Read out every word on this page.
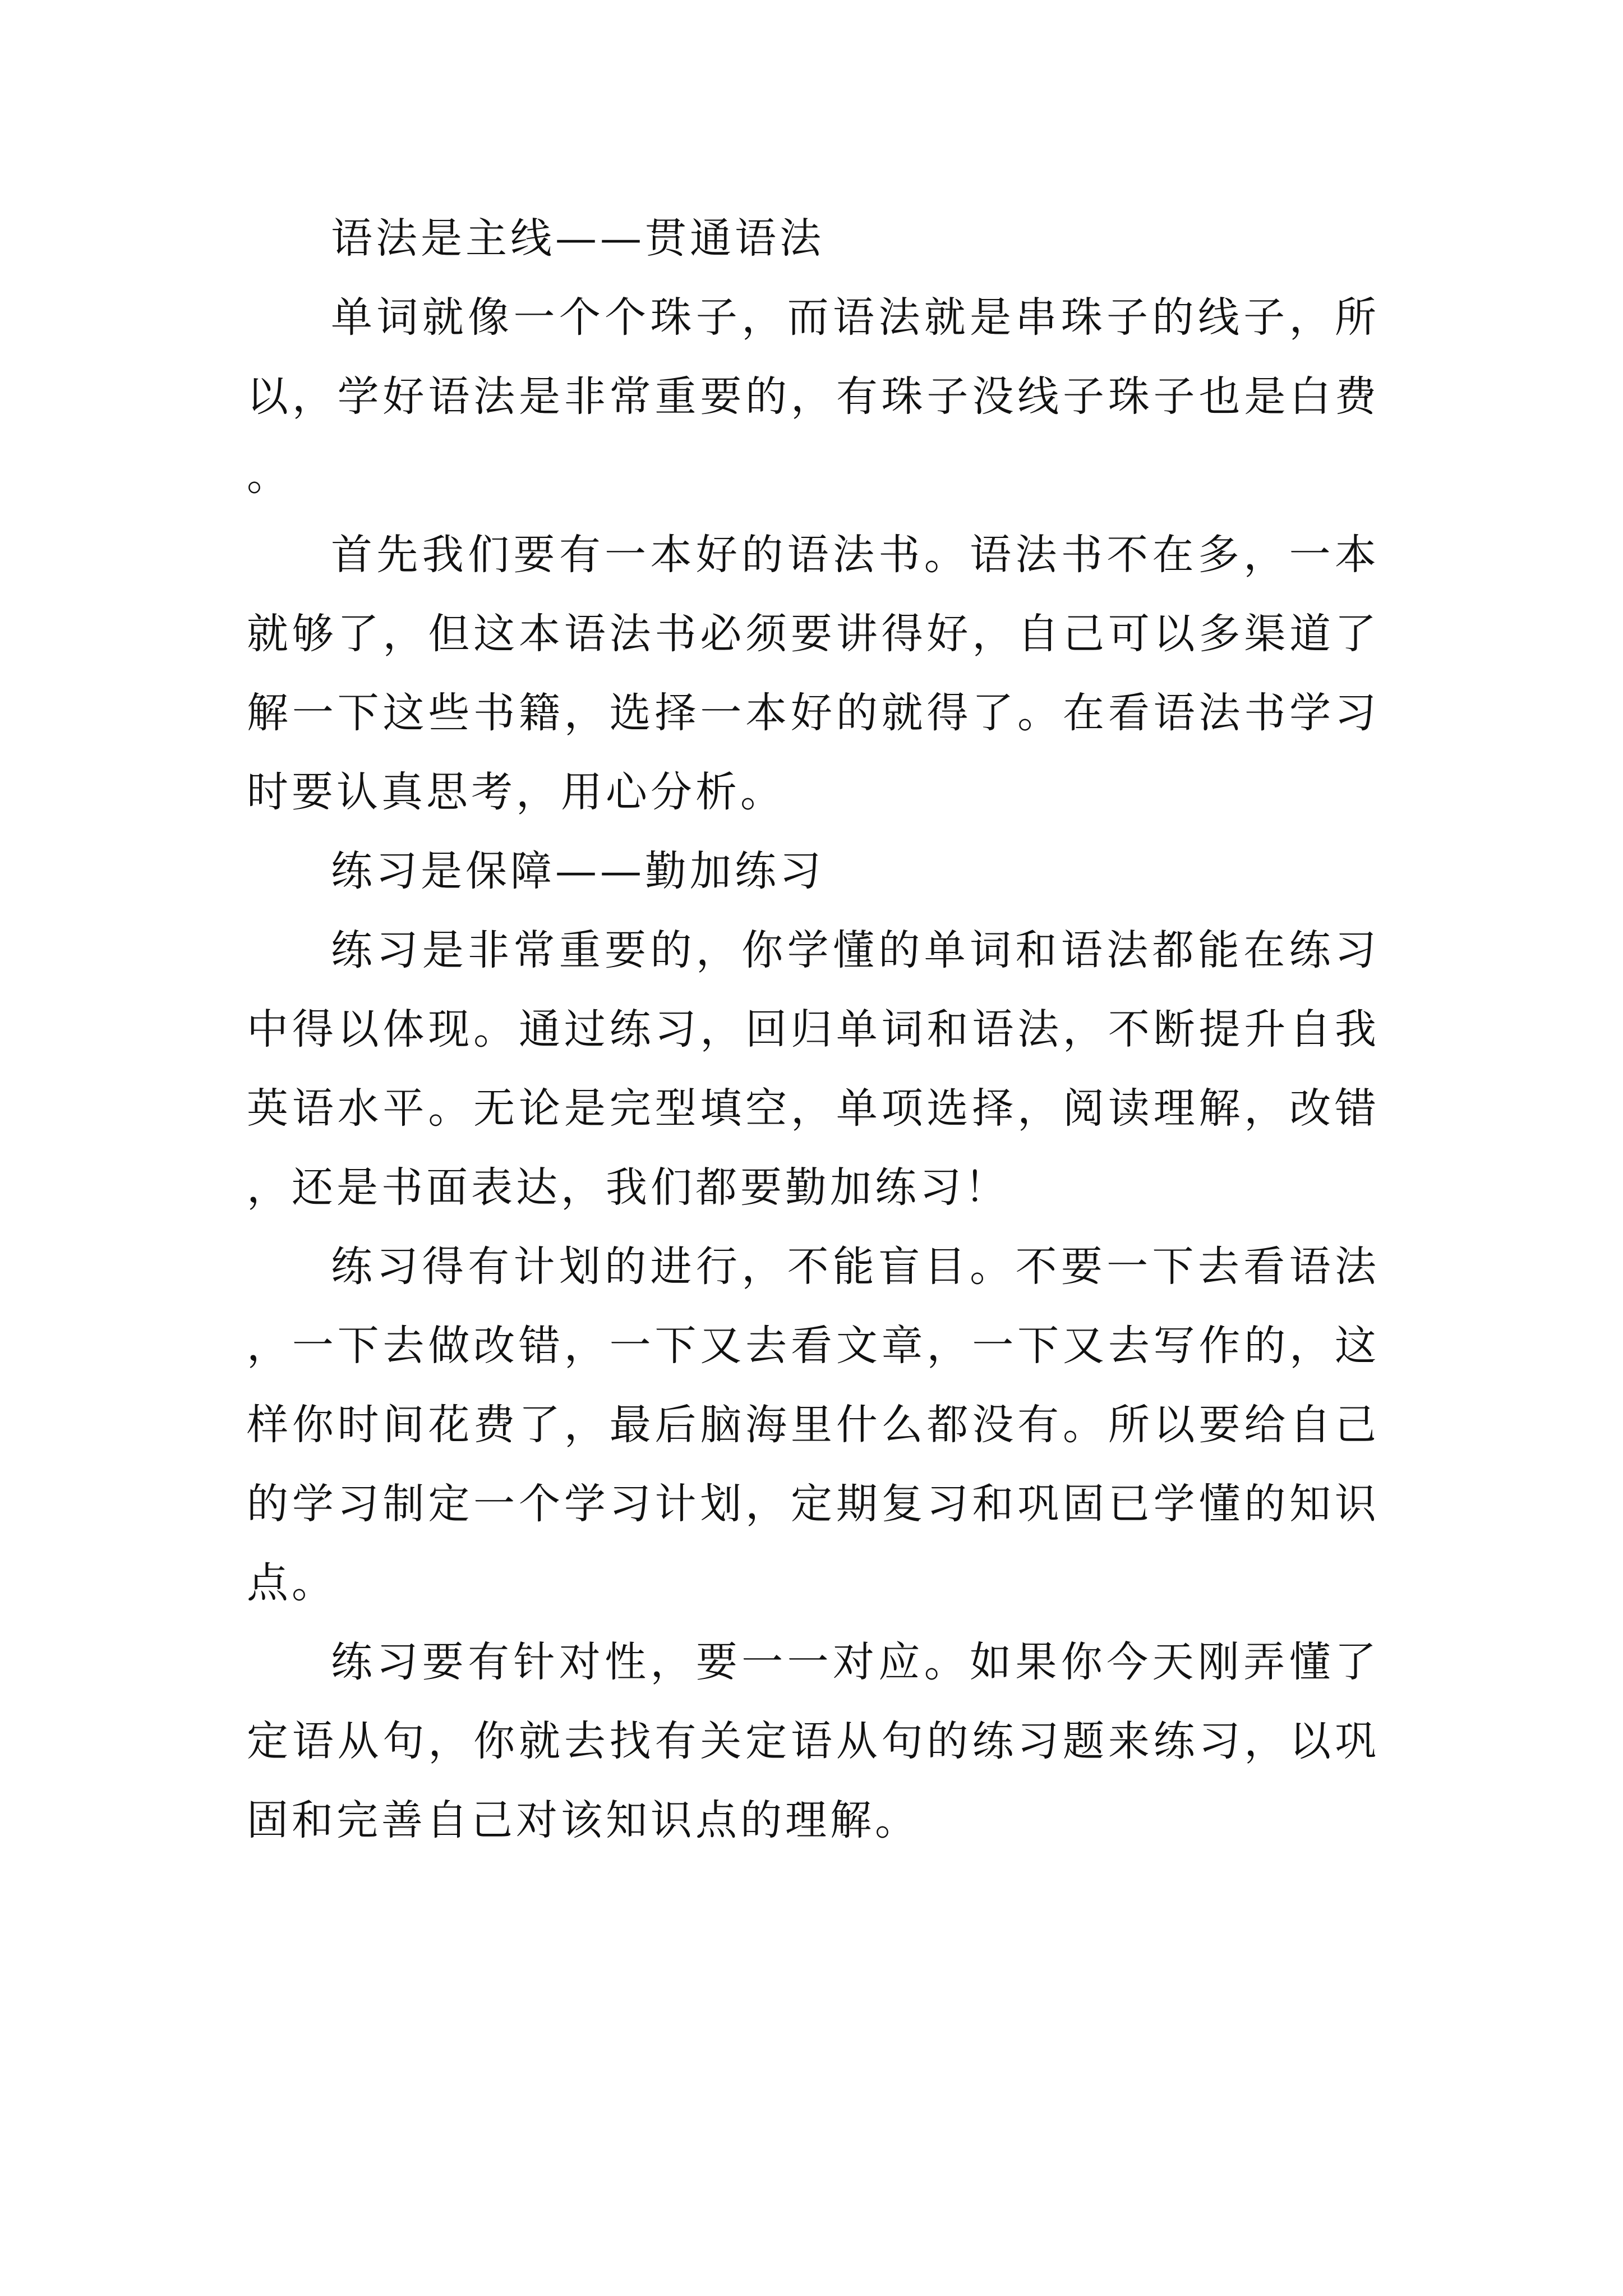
语法是主线——贯通语法

单词就像一个个珠子，而语法就是串珠子的线子，所以，学好语法是非常重要的，有珠子没线子珠子也是白费。

首先我们要有一本好的语法书。语法书不在多，一本就够了，但这本语法书必须要讲得好，自己可以多渠道了解一下这些书籍，选择一本好的就得了。在看语法书学习时要认真思考，用心分析。

练习是保障——勤加练习

练习是非常重要的，你学懂的单词和语法都能在练习中得以体现。通过练习，回归单词和语法，不断提升自我英语水平。无论是完型填空，单项选择，阅读理解，改错，还是书面表达，我们都要勤加练习！

练习得有计划的进行，不能盲目。不要一下去看语法，一下去做改错，一下又去看文章，一下又去写作的，这样你时间花费了，最后脑海里什么都没有。所以要给自己的学习制定一个学习计划，定期复习和巩固已学懂的知识点。

练习要有针对性，要一一对应。如果你今天刚弄懂了定语从句，你就去找有关定语从句的练习题来练习，以巩固和完善自己对该知识点的理解。
